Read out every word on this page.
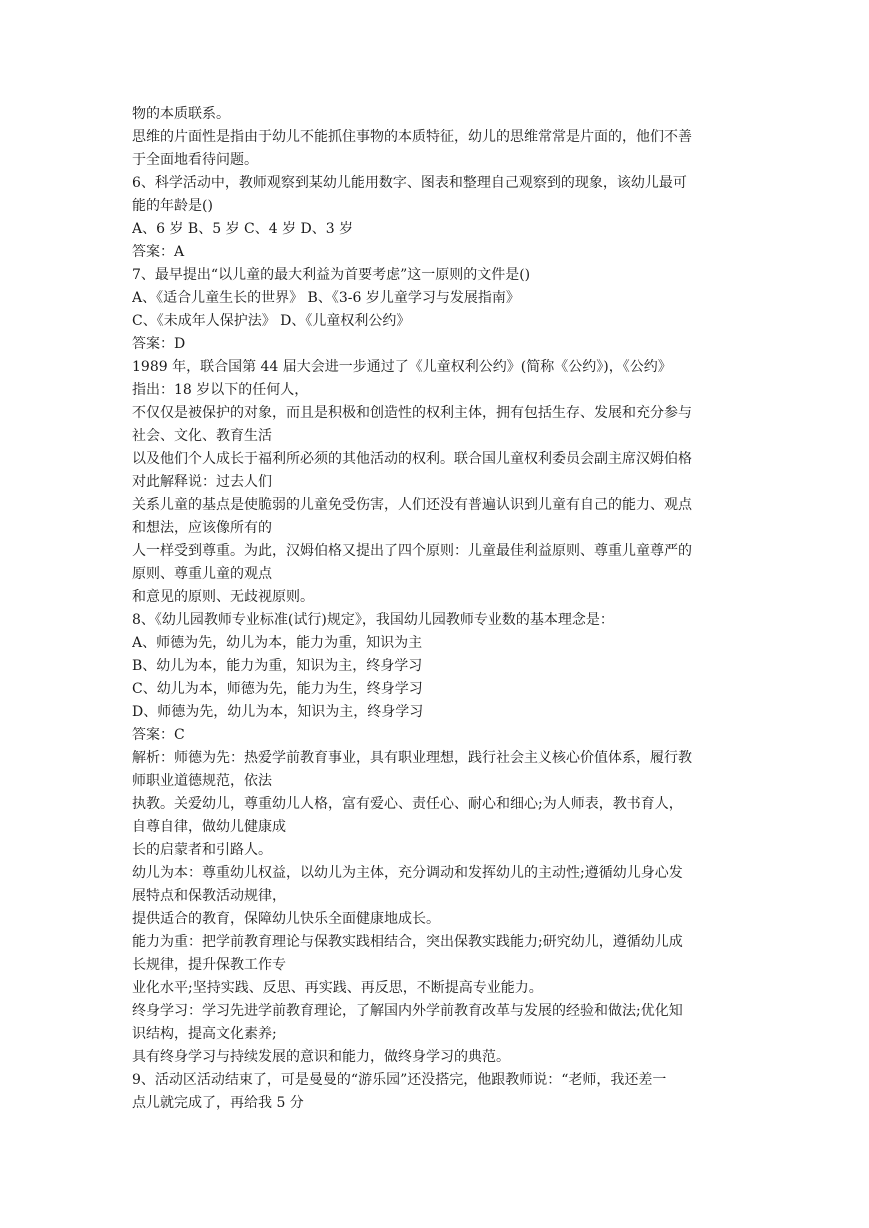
物的本质联系。
思维的片面性是指由于幼儿不能抓住事物的本质特征，幼儿的思维常常是片面的，他们不善
于全面地看待问题。
6、科学活动中，教师观察到某幼儿能用数字、图表和整理自己观察到的现象，该幼儿最可
能的年龄是()
A、6 岁 B、5 岁 C、4 岁 D、3 岁
答案：A
7、最早提出“以儿童的最大利益为首要考虑”这一原则的文件是()
A、《适合儿童生长的世界》 B、《3-6 岁儿童学习与发展指南》
C、《未成年人保护法》 D、《儿童权利公约》
答案：D
1989 年，联合国第 44 届大会进一步通过了《儿童权利公约》(简称《公约》)，《公约》
指出：18 岁以下的任何人，
不仅仅是被保护的对象，而且是积极和创造性的权利主体，拥有包括生存、发展和充分参与
社会、文化、教育生活
以及他们个人成长于福利所必须的其他活动的权利。联合国儿童权利委员会副主席汉姆伯格
对此解释说：过去人们
关系儿童的基点是使脆弱的儿童免受伤害，人们还没有普遍认识到儿童有自己的能力、观点
和想法，应该像所有的
人一样受到尊重。为此，汉姆伯格又提出了四个原则：儿童最佳利益原则、尊重儿童尊严的
原则、尊重儿童的观点
和意见的原则、无歧视原则。
8、《幼儿园教师专业标准(试行)规定》，我国幼儿园教师专业数的基本理念是：
A、师德为先，幼儿为本，能力为重，知识为主
B、幼儿为本，能力为重，知识为主，终身学习
C、幼儿为本，师德为先，能力为生，终身学习
D、师德为先，幼儿为本，知识为主，终身学习
答案：C
解析：师德为先：热爱学前教育事业，具有职业理想，践行社会主义核心价值体系，履行教
师职业道德规范，依法
执教。关爱幼儿，尊重幼儿人格，富有爱心、责任心、耐心和细心;为人师表，教书育人，
自尊自律，做幼儿健康成
长的启蒙者和引路人。
幼儿为本：尊重幼儿权益，以幼儿为主体，充分调动和发挥幼儿的主动性;遵循幼儿身心发
展特点和保教活动规律，
提供适合的教育，保障幼儿快乐全面健康地成长。
能力为重：把学前教育理论与保教实践相结合，突出保教实践能力;研究幼儿，遵循幼儿成
长规律，提升保教工作专
业化水平;坚持实践、反思、再实践、再反思，不断提高专业能力。
终身学习：学习先进学前教育理论，了解国内外学前教育改革与发展的经验和做法;优化知
识结构，提高文化素养;
具有终身学习与持续发展的意识和能力，做终身学习的典范。
9、活动区活动结束了，可是曼曼的“游乐园”还没搭完，他跟教师说：“老师，我还差一
点儿就完成了，再给我 5 分
